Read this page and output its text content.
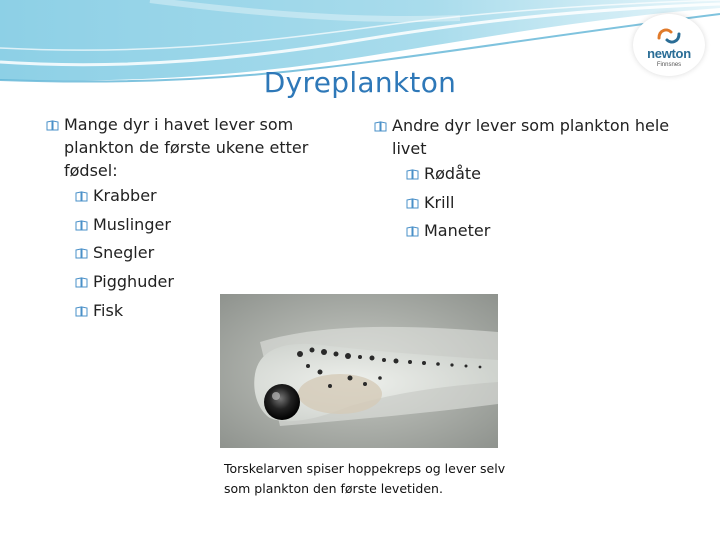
newton
Finnsnes
Dyreplankton
Mange dyr i havet lever som plankton de første ukene etter fødsel:
Krabber
Muslinger
Snegler
Pigghuder
Fisk
Andre dyr lever som plankton hele livet
Rødåte
Krill
Maneter
Torskelarven spiser hoppekreps og lever selv som plankton den første levetiden.
